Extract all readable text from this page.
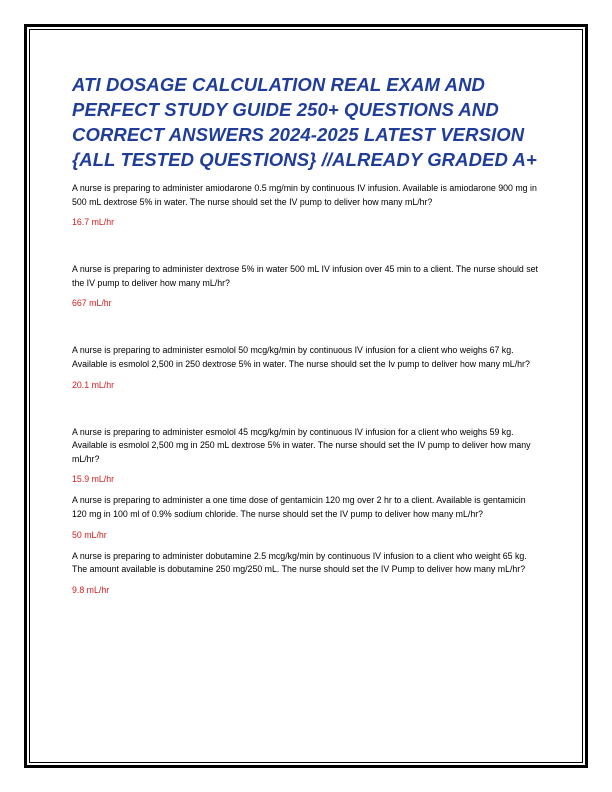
ATI DOSAGE CALCULATION REAL EXAM AND PERFECT STUDY GUIDE 250+ QUESTIONS AND CORRECT ANSWERS 2024-2025 LATEST VERSION {ALL TESTED QUESTIONS} //ALREADY GRADED A+

A nurse is preparing to administer amiodarone 0.5 mg/min by continuous IV infusion. Available is amiodarone 900 mg in 500 mL dextrose 5% in water. The nurse should set the IV pump to deliver how many mL/hr?

16.7 mL/hr

A nurse is preparing to administer dextrose 5% in water 500 mL IV infusion over 45 min to a client. The nurse should set the IV pump to deliver how many mL/hr?

667 mL/hr

A nurse is preparing to administer esmolol 50 mcg/kg/min by continuous IV infusion for a client who weighs 67 kg. Available is esmolol 2,500 in 250 dextrose 5% in water. The nurse should set the Iv pump to deliver how many mL/hr?

20.1 mL/hr

A nurse is preparing to administer esmolol 45 mcg/kg/min by continuous IV infusion for a client who weighs 59 kg. Available is esmolol 2,500 mg in 250 mL dextrose 5% in water. The nurse should set the IV pump to deliver how many mL/hr?

15.9 mL/hr

A nurse is preparing to administer a one time dose of gentamicin 120 mg over 2 hr to a client. Available is gentamicin 120 mg in 100 ml of 0.9% sodium chloride. The nurse should set the IV pump to deliver how many mL/hr?

50 mL/hr

A nurse is preparing to administer dobutamine 2.5 mcg/kg/min by continuous IV infusion to a client who weight 65 kg. The amount available is dobutamine 250 mg/250 mL. The nurse should set the IV Pump to deliver how many mL/hr?

9.8 mL/hr
